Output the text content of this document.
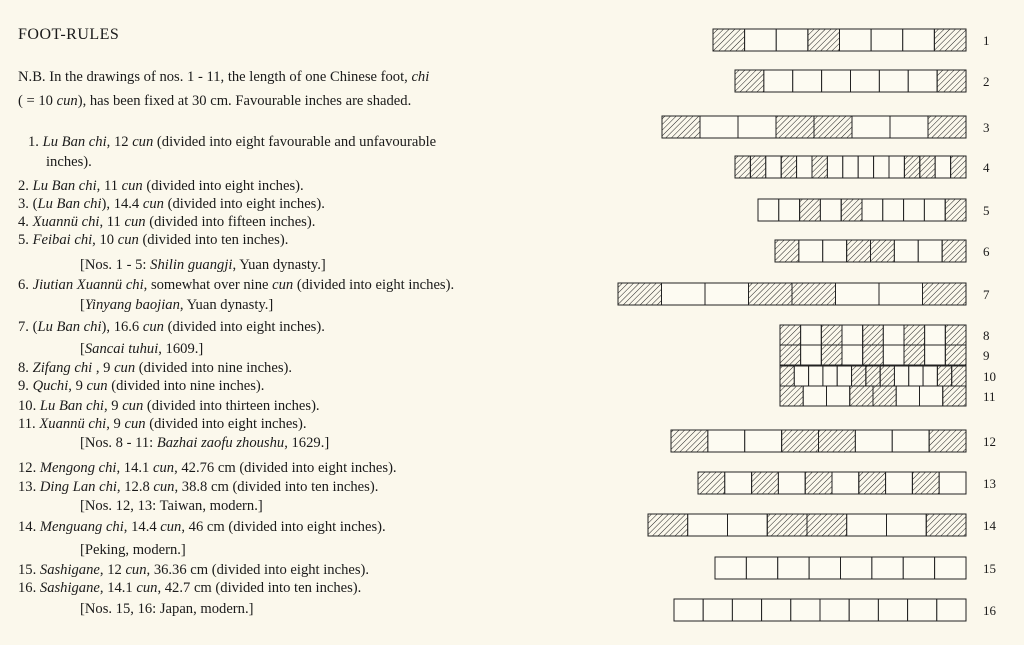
FOOT-RULES
N.B. In the drawings of nos. 1 - 11, the length of one Chinese foot, chi
( = 10 cun), has been fixed at 30 cm. Favourable inches are shaded.
1. Lu Ban chi, 12 cun (divided into eight favourable and unfavourable
inches).
2. Lu Ban chi, 11 cun (divided into eight inches).
3. (Lu Ban chi), 14.4 cun (divided into eight inches).
4. Xuannü chi, 11 cun (divided into fifteen inches).
5. Feibai chi, 10 cun (divided into ten inches).
[Nos. 1 - 5: Shilin guangji, Yuan dynasty.]
6. Jiutian Xuannü chi, somewhat over nine cun (divided into eight inches).
[Yinyang baojian, Yuan dynasty.]
7. (Lu Ban chi), 16.6 cun (divided into eight inches).
[Sancai tuhui, 1609.]
8. Zifang chi , 9 cun (divided into nine inches).
9. Quchi, 9 cun (divided into nine inches).
10. Lu Ban chi, 9 cun (divided into thirteen inches).
11. Xuannü chi, 9 cun (divided into eight inches).
[Nos. 8 - 11: Bazhai zaofu zhoushu, 1629.]
12. Mengong chi, 14.1 cun, 42.76 cm (divided into eight inches).
13. Ding Lan chi, 12.8 cun, 38.8 cm (divided into ten inches).
[Nos. 12, 13: Taiwan, modern.]
14. Menguang chi, 14.4 cun, 46 cm (divided into eight inches).
[Peking, modern.]
15. Sashigane, 12 cun, 36.36 cm (divided into eight inches).
16. Sashigane, 14.1 cun, 42.7 cm (divided into ten inches).
[Nos. 15, 16: Japan, modern.]
1
2
3
4
5
6
7
8
9
10
11
12
13
14
15
16
